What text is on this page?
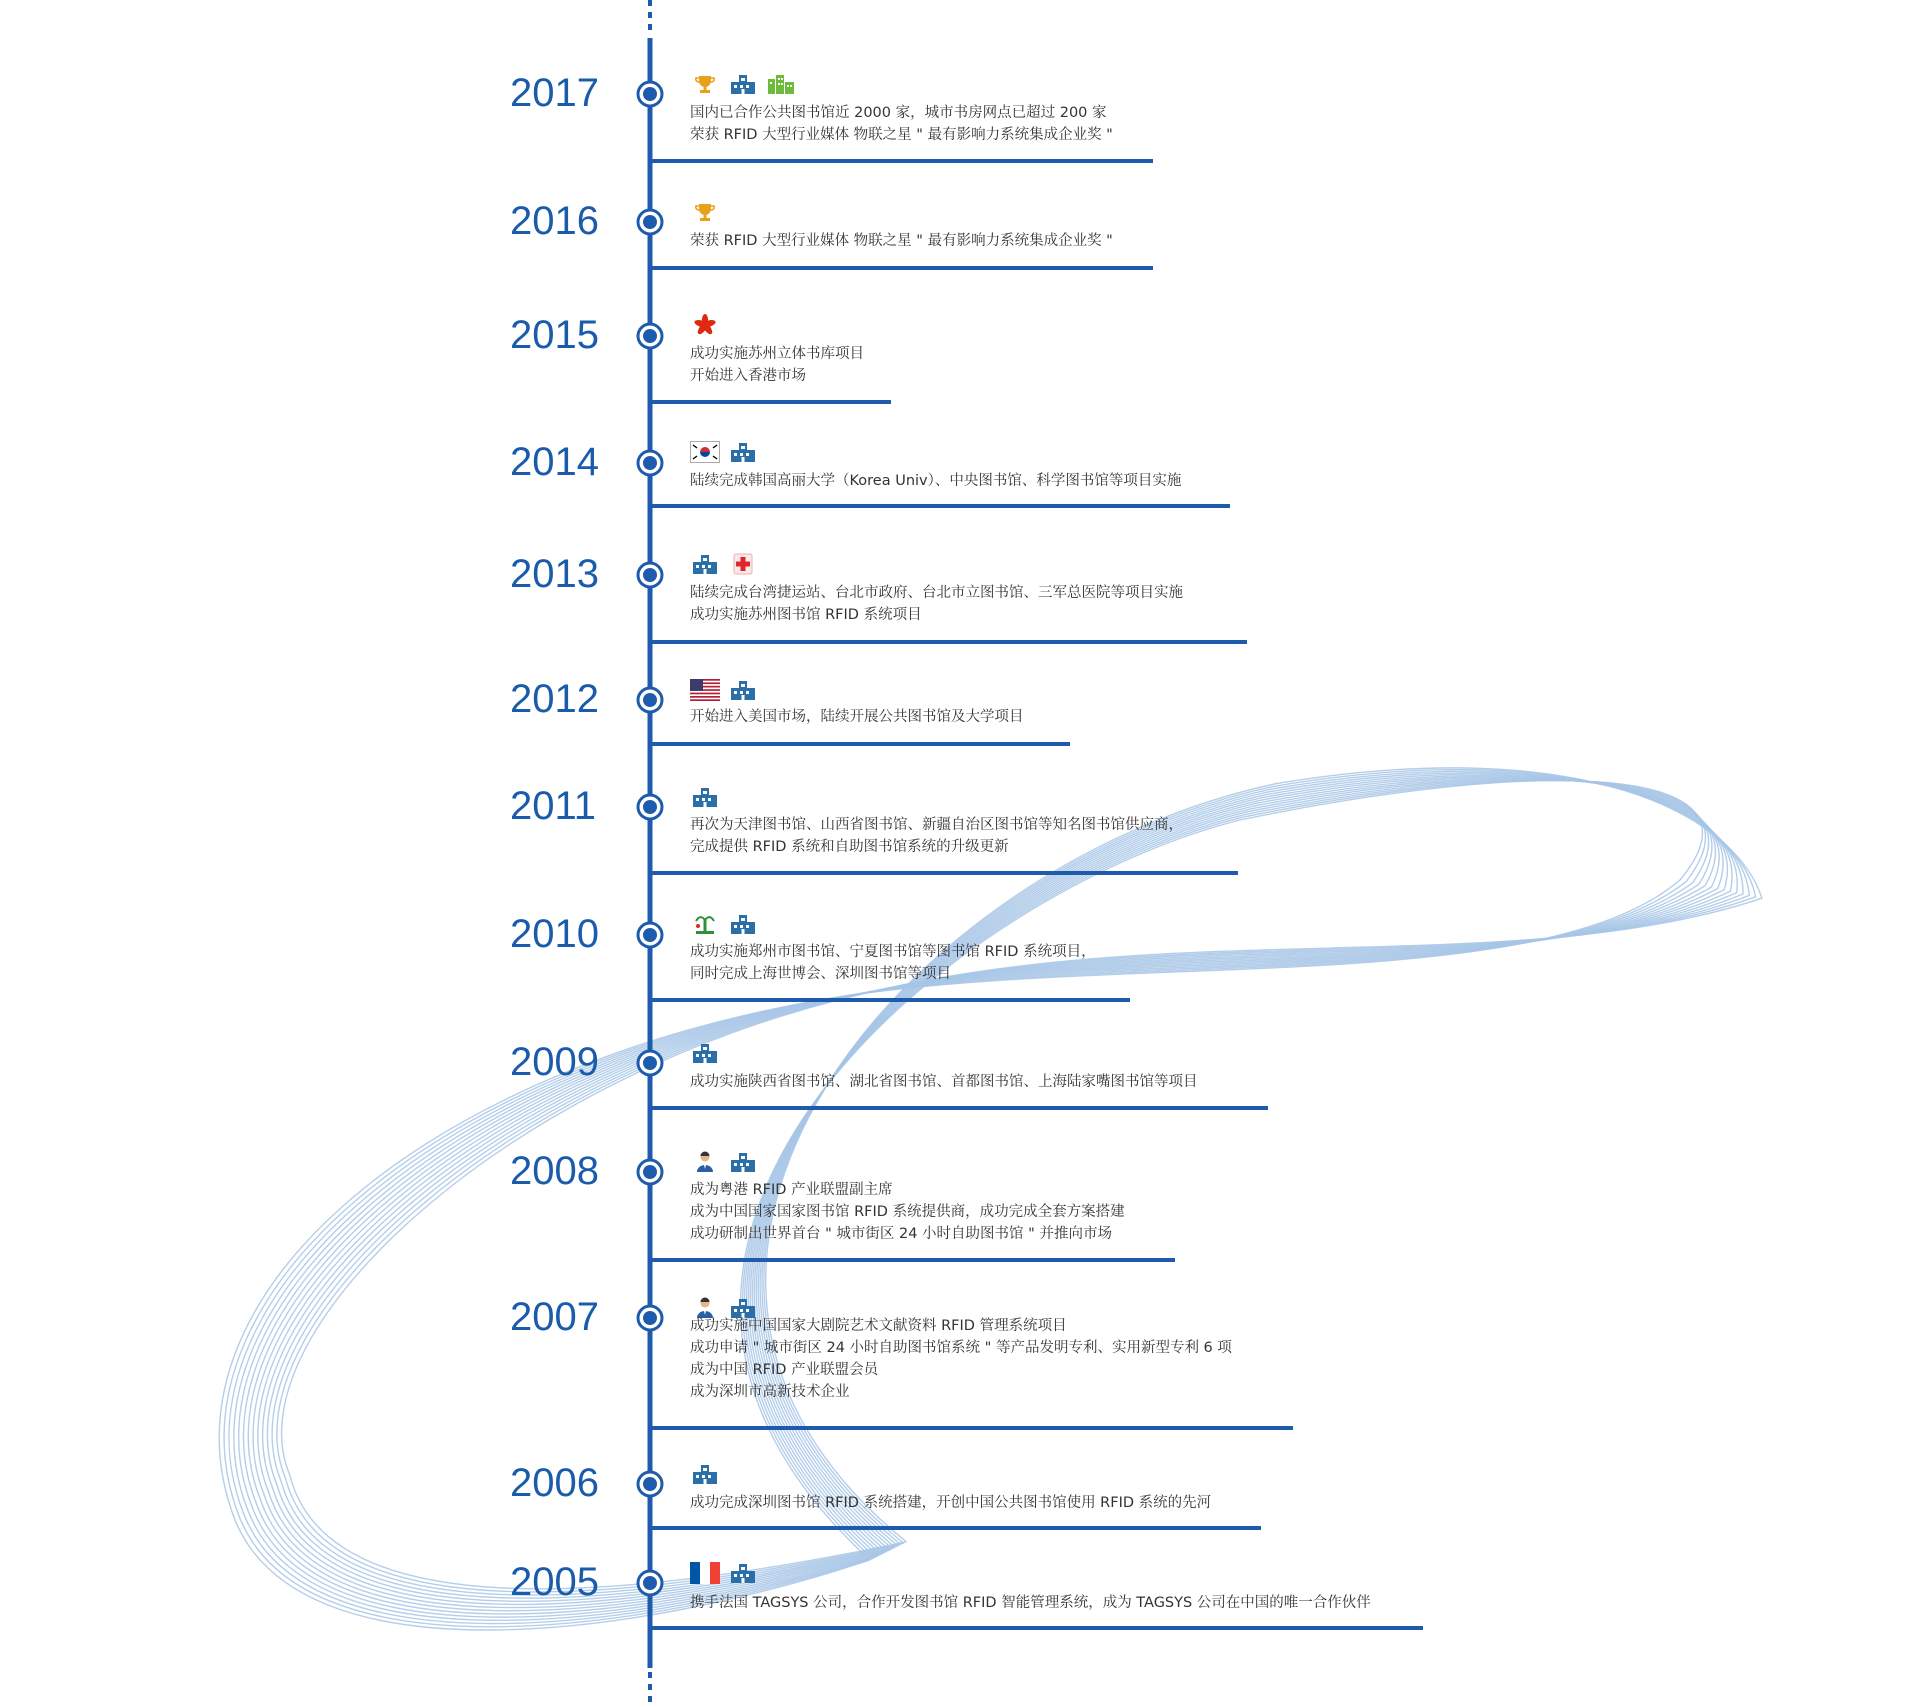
2017	国内已合作公共图书馆近 2000 家，城市书房网点已超过 200 家
荣获 RFID 大型行业媒体 物联之星 " 最有影响力系统集成企业奖 "
2016	荣获 RFID 大型行业媒体 物联之星 " 最有影响力系统集成企业奖 "
2015	成功实施苏州立体书库项目
开始进入香港市场
2014	陆续完成韩国高丽大学（Korea Univ）、中央图书馆、科学图书馆等项目实施
2013	陆续完成台湾捷运站、台北市政府、台北市立图书馆、三军总医院等项目实施
成功实施苏州图书馆 RFID 系统项目
2012	开始进入美国市场，陆续开展公共图书馆及大学项目
2011	再次为天津图书馆、山西省图书馆、新疆自治区图书馆等知名图书馆供应商，
完成提供 RFID 系统和自助图书馆系统的升级更新
2010	成功实施郑州市图书馆、宁夏图书馆等图书馆 RFID 系统项目，
同时完成上海世博会、深圳图书馆等项目
2009	成功实施陕西省图书馆、湖北省图书馆、首都图书馆、上海陆家嘴图书馆等项目
2008	成为粤港 RFID 产业联盟副主席
成为中国国家国家图书馆 RFID 系统提供商，成功完成全套方案搭建
成功研制出世界首台 " 城市街区 24 小时自助图书馆 " 并推向市场
2007	成功实施中国国家大剧院艺术文献资料 RFID 管理系统项目
成功申请 " 城市街区 24 小时自助图书馆系统 " 等产品发明专利、实用新型专利 6 项
成为中国 RFID 产业联盟会员
成为深圳市高新技术企业
2006	成功完成深圳图书馆 RFID 系统搭建，开创中国公共图书馆使用 RFID 系统的先河
2005	携手法国 TAGSYS 公司，合作开发图书馆 RFID 智能管理系统，成为 TAGSYS 公司在中国的唯一合作伙伴
